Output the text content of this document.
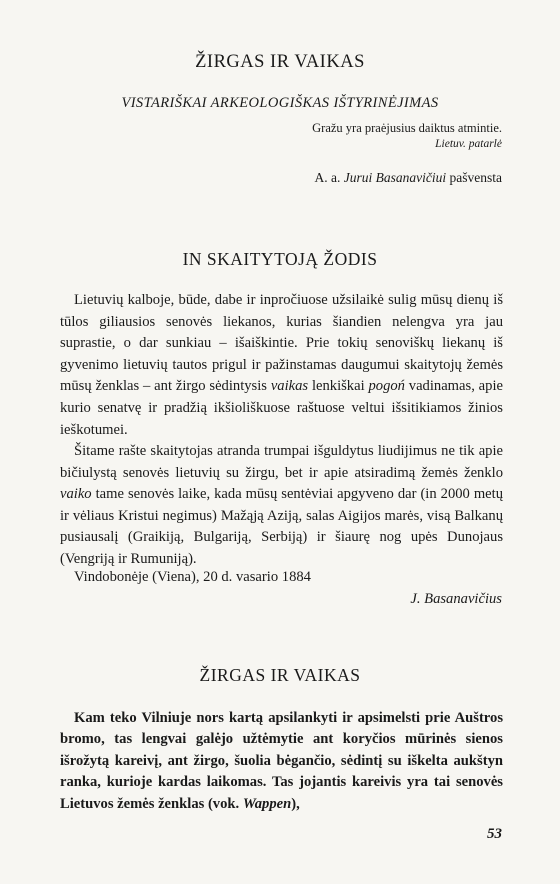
ŽIRGAS IR VAIKAS
VISTARIŠKAI ARKEOLOGIŠKAS IŠTYRINĖJIMAS
Gražu yra praėjusius daiktus atmintie.
Lietuv. patarlė
A. a. Jurui Basanavičiui pašvensta
IN SKAITYTOJĄ ŽODIS

Lietuvių kalboje, būde, dabe ir inpročiuose užsilaikė sulig mūsų dienų iš tūlos giliausios senovės liekanos, kurias šiandien nelengva yra jau suprastie, o dar sunkiau – išaiškintie. Prie tokių senoviškų liekanų iš gyvenimo lietuvių tautos prigul ir pažinstamas daugumui skaitytojų žemės mūsų ženklas – ant žirgo sėdintysis vaikas lenkiškai pogoń vadinamas, apie kurio senatvę ir pradžią ikšioliškuose raštuose veltui išsitikiamos žinios ieškotumei.

Šitame rašte skaitytojas atranda trumpai išguldytus liudijimus ne tik apie bičiulystą senovės lietuvių su žirgu, bet ir apie atsiradimą žemės ženklo vaiko tame senovės laike, kada mūsų sentėviai apgyveno dar (in 2000 metų ir vėliaus Kristui negimus) Mažąją Aziją, salas Aigijos marės, visą Balkanų pusiausalį (Graikiją, Bulgariją, Serbiją) ir šiaurę nog upės Dunojaus (Vengriją ir Rumuniją).

Vindobonėje (Viena), 20 d. vasario 1884
J. Basanavičius
ŽIRGAS IR VAIKAS

Kam teko Vilniuje nors kartą apsilankyti ir apsimelsti prie Auštros bromo, tas lengvai galėjo užtėmytie ant koryčios mūrinės sienos išrožytą kareivį, ant žirgo, šuolia bėgančio, sėdintį su iškelta aukštyn ranka, kurioje kardas laikomas. Tas jojantis kareivis yra tai senovės Lietuvos žemės ženklas (vok. Wappen),

53
